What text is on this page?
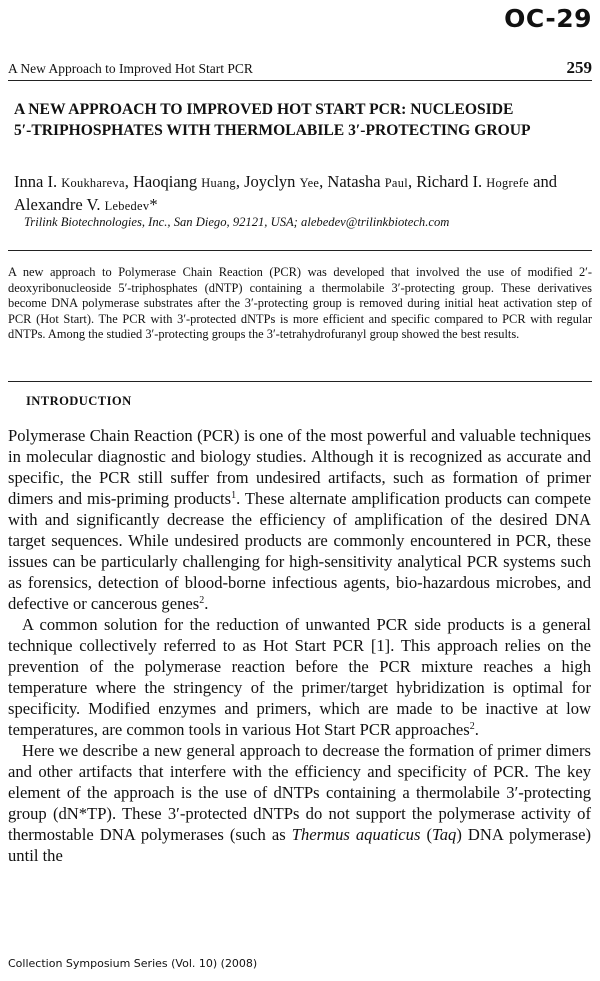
OC-29
A New Approach to Improved Hot Start PCR	259
A NEW APPROACH TO IMPROVED HOT START PCR: NUCLEOSIDE
5′-TRIPHOSPHATES WITH THERMOLABILE 3′-PROTECTING GROUP

Inna I. Koukhareva, Haoqiang Huang, Joyclyn Yee, Natasha Paul, Richard I. Hogrefe and Alexandre V. Lebedev*

Trilink Biotechnologies, Inc., San Diego, 92121, USA; alebedev@trilinkbiotech.com

A new approach to Polymerase Chain Reaction (PCR) was developed that involved the use of modified 2′-deoxyribonucleoside 5′-triphosphates (dNTP) containing a thermolabile 3′-protecting group. These derivatives become DNA polymerase substrates after the 3′-protecting group is removed during initial heat activation step of PCR (Hot Start). The PCR with 3′-protected dNTPs is more efficient and specific compared to PCR with regular dNTPs. Among the studied 3′-protecting groups the 3′-tetrahydrofuranyl group showed the best results.

INTRODUCTION

Polymerase Chain Reaction (PCR) is one of the most powerful and valuable techniques in molecular diagnostic and biology studies. Although it is recognized as accurate and specific, the PCR still suffer from undesired artifacts, such as formation of primer dimers and mis-priming products$^1$. These alternate amplification products can compete with and significantly decrease the efficiency of amplification of the desired DNA target sequences. While undesired products are commonly encountered in PCR, these issues can be particularly challenging for high-sensitivity analytical PCR systems such as forensics, detection of blood-borne infectious agents, bio-hazardous microbes, and defective or cancerous genes$^2$.

A common solution for the reduction of unwanted PCR side products is a general technique collectively referred to as Hot Start PCR [1]. This approach relies on the prevention of the polymerase reaction before the PCR mixture reaches a high temperature where the stringency of the primer/target hybridization is optimal for specificity. Modified enzymes and primers, which are made to be inactive at low temperatures, are common tools in various Hot Start PCR approaches$^2$.

Here we describe a new general approach to decrease the formation of primer dimers and other artifacts that interfere with the efficiency and specificity of PCR. The key element of the approach is the use of dNTPs containing a thermolabile 3′-protecting group (dN*TP). These 3′-protected dNTPs do not support the polymerase activity of thermostable DNA polymerases (such as Thermus aquaticus (Taq) DNA polymerase) until the

Collection Symposium Series (Vol. 10) (2008)
